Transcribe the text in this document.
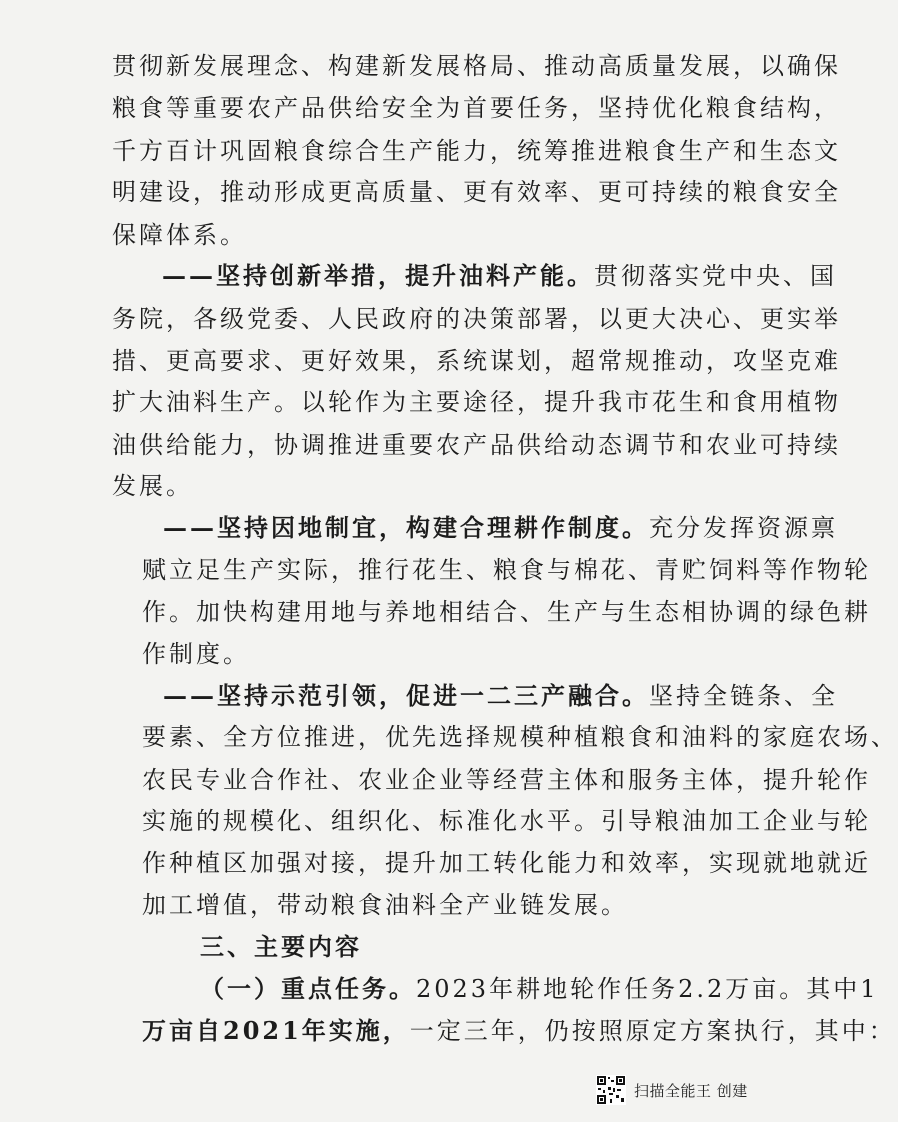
贯彻新发展理念、构建新发展格局、推动高质量发展，以确保
粮食等重要农产品供给安全为首要任务，坚持优化粮食结构，
千方百计巩固粮食综合生产能力，统筹推进粮食生产和生态文
明建设，推动形成更高质量、更有效率、更可持续的粮食安全
保障体系。
——坚持创新举措，提升油料产能。贯彻落实党中央、国
务院，各级党委、人民政府的决策部署，以更大决心、更实举
措、更高要求、更好效果，系统谋划，超常规推动，攻坚克难
扩大油料生产。以轮作为主要途径，提升我市花生和食用植物
油供给能力，协调推进重要农产品供给动态调节和农业可持续
发展。
——坚持因地制宜，构建合理耕作制度。充分发挥资源禀
赋立足生产实际，推行花生、粮食与棉花、青贮饲料等作物轮
作。加快构建用地与养地相结合、生产与生态相协调的绿色耕
作制度。
——坚持示范引领，促进一二三产融合。坚持全链条、全
要素、全方位推进，优先选择规模种植粮食和油料的家庭农场、
农民专业合作社、农业企业等经营主体和服务主体，提升轮作
实施的规模化、组织化、标准化水平。引导粮油加工企业与轮
作种植区加强对接，提升加工转化能力和效率，实现就地就近
加工增值，带动粮食油料全产业链发展。
三、主要内容
（一）重点任务。2023年耕地轮作任务2.2万亩。其中1
万亩自2021年实施，一定三年，仍按照原定方案执行，其中：
扫描全能王 创建
